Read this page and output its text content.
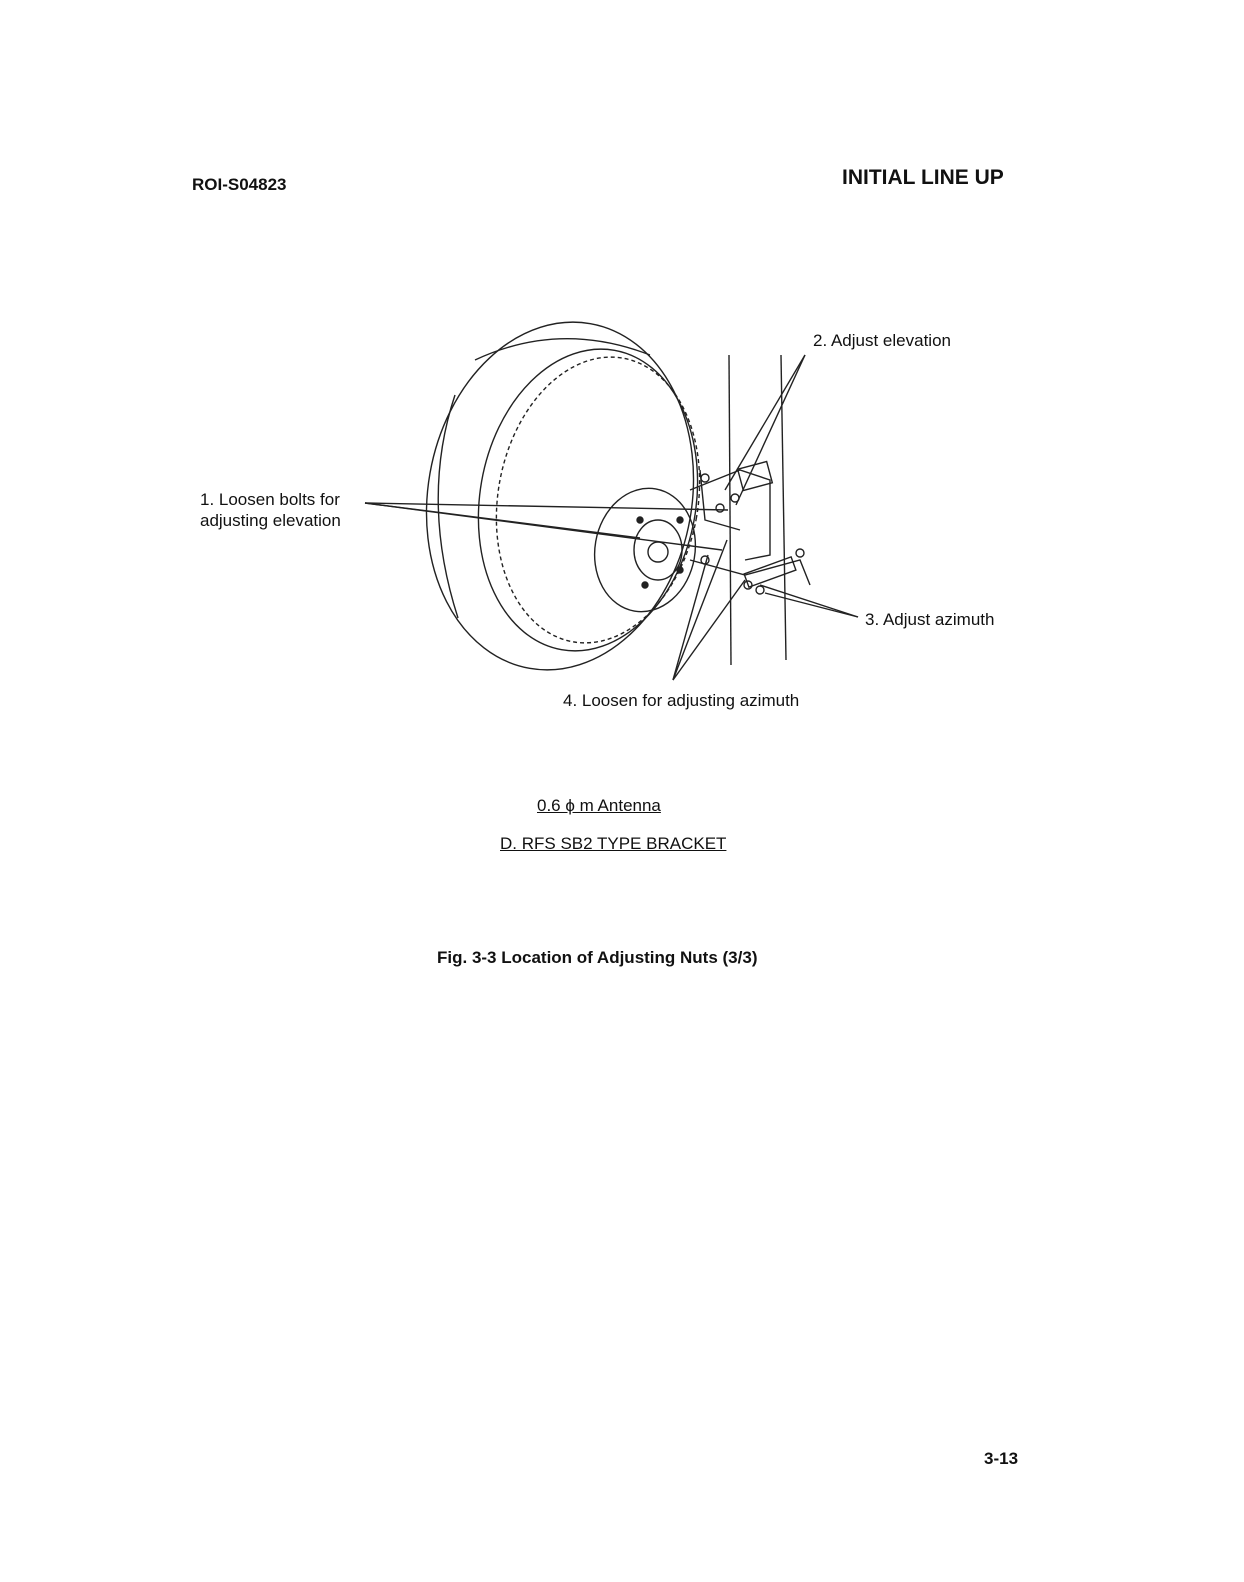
ROI-S04823	INITIAL LINE UP
1. Loosen bolts for
adjusting elevation
2. Adjust elevation
3. Adjust azimuth
4. Loosen for adjusting azimuth
0.6 ϕ m Antenna
D. RFS SB2 TYPE BRACKET
Fig. 3-3 Location of Adjusting Nuts (3/3)
3-13
